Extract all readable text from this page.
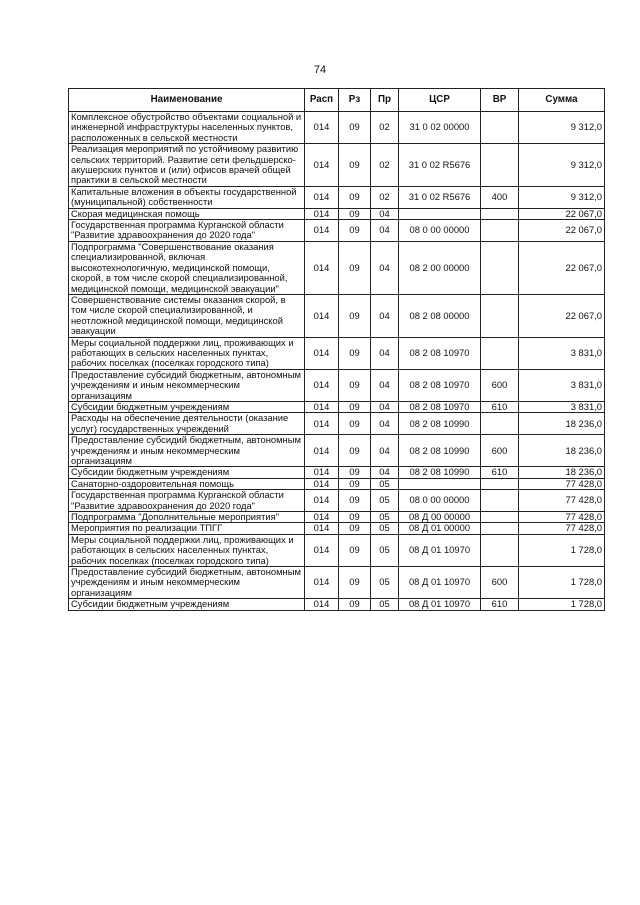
74
Наименование	Расп	Рз	Пр	ЦСР	ВР	Сумма
Комплексное обустройство объектами социальной и инженерной инфраструктуры населенных пунктов, расположенных в сельской местности	014	09	02	31 0 02 00000		9 312,0
Реализация мероприятий по устойчивому развитию сельских территорий. Развитие сети фельдшерско-акушерских пунктов и (или) офисов врачей общей практики в сельской местности	014	09	02	31 0 02 R5676		9 312,0
Капитальные вложения в объекты государственной (муниципальной) собственности	014	09	02	31 0 02 R5676	400	9 312,0
Скорая медицинская помощь	014	09	04			22 067,0
Государственная программа Курганской области "Развитие здравоохранения до 2020 года"	014	09	04	08 0 00 00000		22 067,0
Подпрограмма "Совершенствование оказания специализированной, включая высокотехнологичную, медицинской помощи, скорой, в том числе скорой специализированной, медицинской помощи, медицинской эвакуации"	014	09	04	08 2 00 00000		22 067,0
Совершенствование системы оказания скорой, в том числе скорой специализированной, и неотложной медицинской помощи, медицинской эвакуации	014	09	04	08 2 08 00000		22 067,0
Меры социальной поддержки лиц, проживающих и работающих в сельских населенных пунктах, рабочих поселках (поселках городского типа)	014	09	04	08 2 08 10970		3 831,0
Предоставление субсидий бюджетным, автономным учреждениям и иным некоммерческим организациям	014	09	04	08 2 08 10970	600	3 831,0
Субсидии бюджетным учреждениям	014	09	04	08 2 08 10970	610	3 831,0
Расходы на обеспечение деятельности (оказание услуг) государственных учреждений	014	09	04	08 2 08 10990		18 236,0
Предоставление субсидий бюджетным, автономным учреждениям и иным некоммерческим организациям	014	09	04	08 2 08 10990	600	18 236,0
Субсидии бюджетным учреждениям	014	09	04	08 2 08 10990	610	18 236,0
Санаторно-оздоровительная помощь	014	09	05			77 428,0
Государственная программа Курганской области "Развитие здравоохранения до 2020 года"	014	09	05	08 0 00 00000		77 428,0
Подпрограмма "Дополнительные мероприятия"	014	09	05	08 Д 00 00000		77 428,0
Мероприятия по реализации ТПГГ	014	09	05	08 Д 01 00000		77 428,0
Меры социальной поддержки лиц, проживающих и работающих в сельских населенных пунктах, рабочих поселках (поселках городского типа)	014	09	05	08 Д 01 10970		1 728,0
Предоставление субсидий бюджетным, автономным учреждениям и иным некоммерческим организациям	014	09	05	08 Д 01 10970	600	1 728,0
Субсидии бюджетным учреждениям	014	09	05	08 Д 01 10970	610	1 728,0
